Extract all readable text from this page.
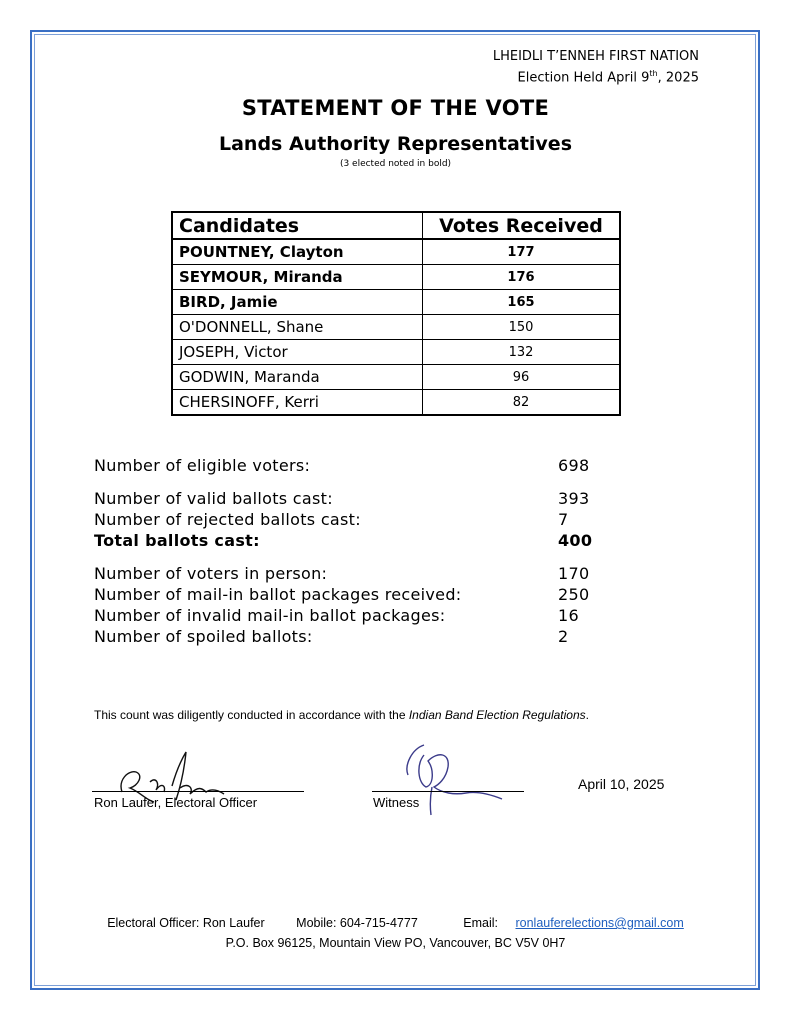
LHEIDLI T’ENNEH FIRST NATION
Election Held April 9th, 2025
STATEMENT OF THE VOTE
Lands Authority Representatives
(3 elected noted in bold)
Candidates	Votes Received
POUNTNEY, Clayton	177
SEYMOUR, Miranda	176
BIRD, Jamie	165
O'DONNELL, Shane	150
JOSEPH, Victor	132
GODWIN, Maranda	96
CHERSINOFF, Kerri	82
Number of eligible voters:	698
Number of valid ballots cast:	393
Number of rejected ballots cast:	7
Total ballots cast:	400
Number of voters in person:	170
Number of mail-in ballot packages received:	250
Number of invalid mail-in ballot packages:	16
Number of spoiled ballots:	2
This count was diligently conducted in accordance with the Indian Band Election Regulations.
Ron Laufer, Electoral Officer	Witness
April 10, 2025
Electoral Officer: Ron Laufer	Mobile: 604-715-4777	Email: ronlauferelections@gmail.com
P.O. Box 96125, Mountain View PO, Vancouver, BC V5V 0H7
